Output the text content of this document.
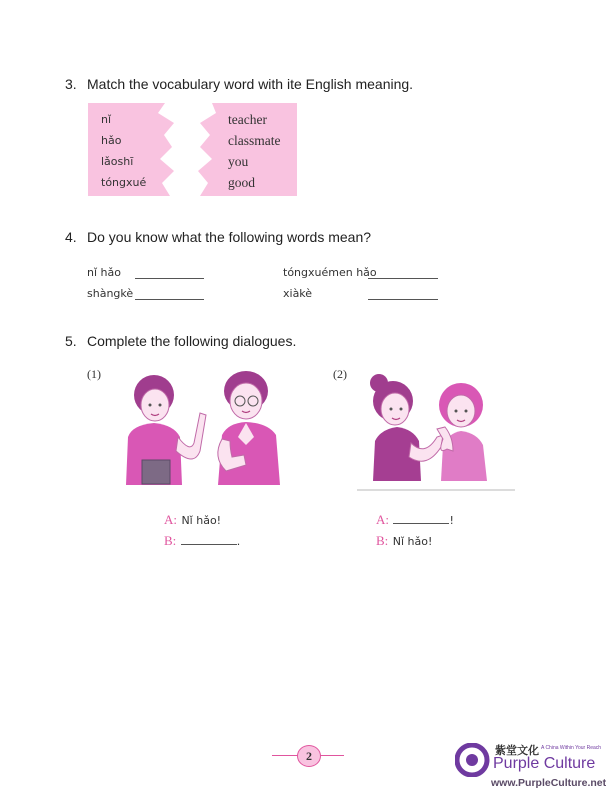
3. Match the vocabulary word with ite English meaning.
nǐ
hǎo
lǎoshī
tóngxué
teacher
classmate
you
good
4. Do you know what the following words mean?
nǐ hǎo
shàngkè
tóngxuémen hǎo
xiàkè
5. Complete the following dialogues.
(1)	(2)
A: Nǐ hǎo!
B:	.
A:	!
B: Nǐ hǎo!
2	紫堂文化 A China Within Your Reach
Purple Culture
www.PurpleCulture.net
